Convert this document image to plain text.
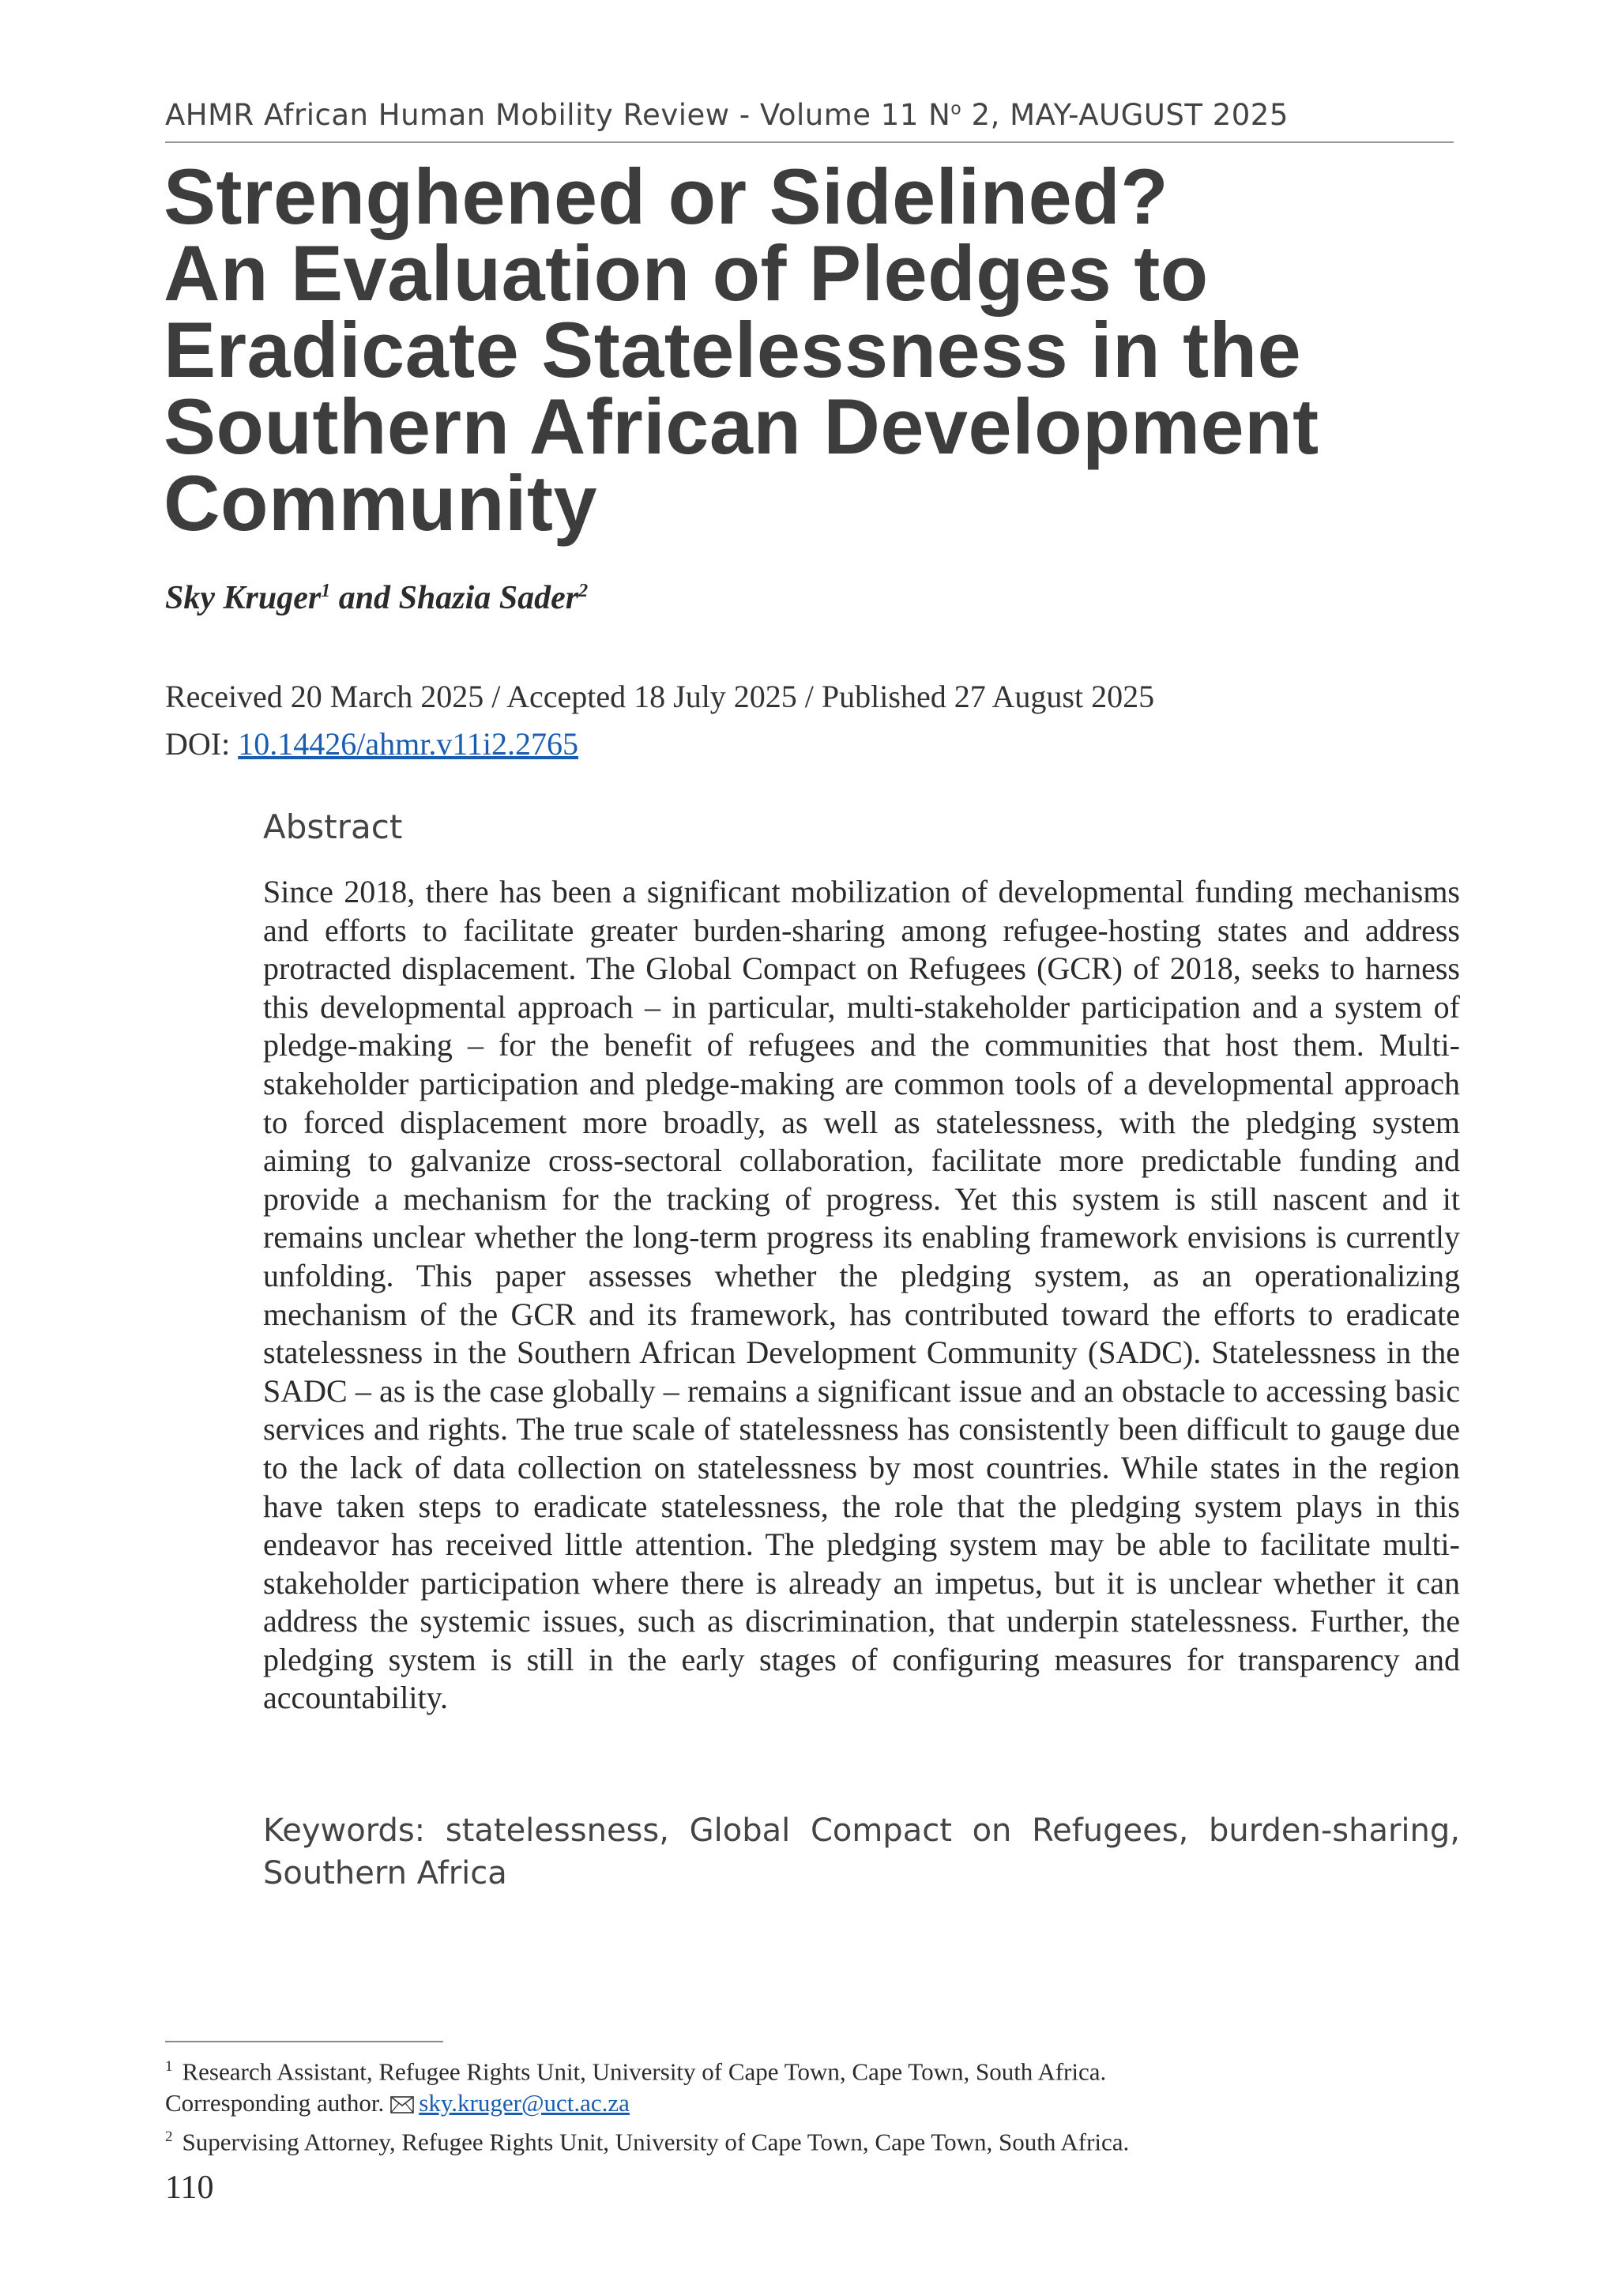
AHMR African Human Mobility Review - Volume 11 $N^o$ 2, MAY-AUGUST 2025
Strenghened or Sidelined?
An Evaluation of Pledges to
Eradicate Statelessness in the
Southern African Development
Community
Sky Kruger$^1$ and Shazia Sader$^2$
Received 20 March 2025 / Accepted 18 July 2025 / Published 27 August 2025
DOI: 10.14426/ahmr.v11i2.2765
Abstract

Since 2018, there has been a significant mobilization of developmental funding mechanisms and efforts to facilitate greater burden-sharing among refugee-hosting states and address protracted displacement. The Global Compact on Refugees (GCR) of 2018, seeks to harness this developmental approach – in particular, multi-stakeholder participation and a system of pledge-making – for the benefit of refugees and the communities that host them. Multi-stakeholder participation and pledge-making are common tools of a developmental approach to forced displacement more broadly, as well as statelessness, with the pledging system aiming to galvanize cross-sectoral collaboration, facilitate more predictable funding and provide a mechanism for the tracking of progress. Yet this system is still nascent and it remains unclear whether the long-term progress its enabling framework envisions is currently unfolding. This paper assesses whether the pledging system, as an operationalizing mechanism of the GCR and its framework, has contributed toward the efforts to eradicate statelessness in the Southern African Development Community (SADC). Statelessness in the SADC – as is the case globally – remains a significant issue and an obstacle to accessing basic services and rights. The true scale of statelessness has consistently been difficult to gauge due to the lack of data collection on statelessness by most countries. While states in the region have taken steps to eradicate statelessness, the role that the pledging system plays in this endeavor has received little attention. The pledging system may be able to facilitate multi-stakeholder participation where there is already an impetus, but it is unclear whether it can address the systemic issues, such as discrimination, that underpin statelessness. Further, the pledging system is still in the early stages of configuring measures for transparency and accountability.

Keywords: statelessness, Global Compact on Refugees, burden-sharing, Southern Africa
$^1$ Research Assistant, Refugee Rights Unit, University of Cape Town, Cape Town, South Africa.
Corresponding author. sky.kruger@uct.ac.za
$^2$ Supervising Attorney, Refugee Rights Unit, University of Cape Town, Cape Town, South Africa.
110
